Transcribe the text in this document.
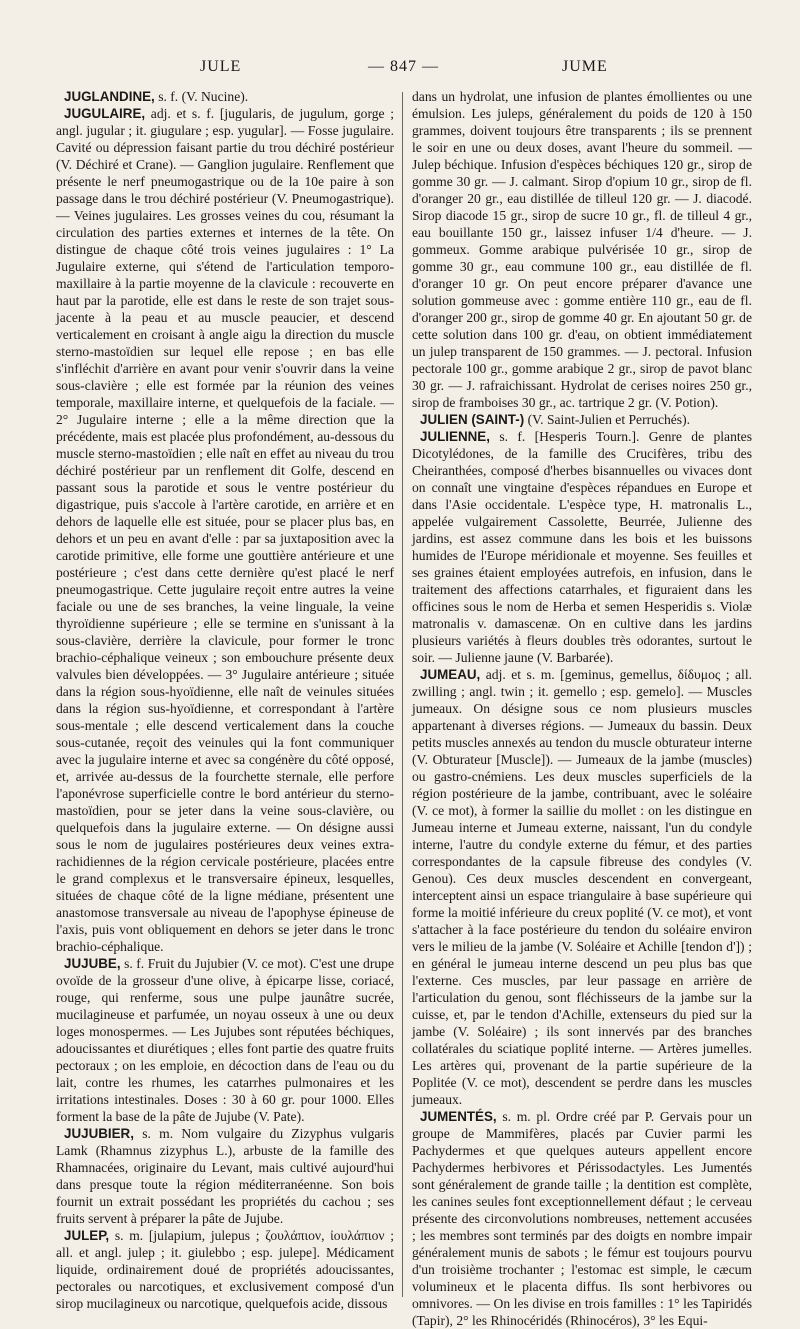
JULE	— 847 —	JUME

JUGLANDINE, s. f. (V. Nucine).

JUGULAIRE, adj. et s. f. [jugularis, de jugulum, gorge ; angl. jugular ; it. giugulare ; esp. yugular]. — Fosse jugulaire. Cavité ou dépression faisant partie du trou déchiré postérieur (V. Déchiré et Crane). — Ganglion jugulaire. Renflement que présente le nerf pneumogastrique ou de la 10e paire à son passage dans le trou déchiré postérieur (V. Pneumogastrique). — Veines jugulaires. Les grosses veines du cou, résumant la circulation des parties externes et internes de la tête. On distingue de chaque côté trois veines jugulaires : 1° La Jugulaire externe, qui s'étend de l'articulation temporo-maxillaire à la partie moyenne de la clavicule : recouverte en haut par la parotide, elle est dans le reste de son trajet sous-jacente à la peau et au muscle peaucier, et descend verticalement en croisant à angle aigu la direction du muscle sterno-mastoïdien sur lequel elle repose ; en bas elle s'infléchit d'arrière en avant pour venir s'ouvrir dans la veine sous-clavière ; elle est formée par la réunion des veines temporale, maxillaire interne, et quelquefois de la faciale. — 2° Jugulaire interne ; elle a la même direction que la précédente, mais est placée plus profondément, au-dessous du muscle sterno-mastoïdien ; elle naît en effet au niveau du trou déchiré postérieur par un renflement dit Golfe, descend en passant sous la parotide et sous le ventre postérieur du digastrique, puis s'accole à l'artère carotide, en arrière et en dehors de laquelle elle est située, pour se placer plus bas, en dehors et un peu en avant d'elle : par sa juxtaposition avec la carotide primitive, elle forme une gouttière antérieure et une postérieure ; c'est dans cette dernière qu'est placé le nerf pneumogastrique. Cette jugulaire reçoit entre autres la veine faciale ou une de ses branches, la veine linguale, la veine thyroïdienne supérieure ; elle se termine en s'unissant à la sous-clavière, derrière la clavicule, pour former le tronc brachio-céphalique veineux ; son embouchure présente deux valvules bien développées. — 3° Jugulaire antérieure ; située dans la région sous-hyoïdienne, elle naît de veinules situées dans la région sus-hyoïdienne, et correspondant à l'artère sous-mentale ; elle descend verticalement dans la couche sous-cutanée, reçoit des veinules qui la font communiquer avec la jugulaire interne et avec sa congénère du côté opposé, et, arrivée au-dessus de la fourchette sternale, elle perfore l'aponévrose superficielle contre le bord antérieur du sterno-mastoïdien, pour se jeter dans la veine sous-clavière, ou quelquefois dans la jugulaire externe. — On désigne aussi sous le nom de jugulaires postérieures deux veines extra-rachidiennes de la région cervicale postérieure, placées entre le grand complexus et le transversaire épineux, lesquelles, situées de chaque côté de la ligne médiane, présentent une anastomose transversale au niveau de l'apophyse épineuse de l'axis, puis vont obliquement en dehors se jeter dans le tronc brachio-céphalique.

JUJUBE, s. f. Fruit du Jujubier (V. ce mot). C'est une drupe ovoïde de la grosseur d'une olive, à épicarpe lisse, coriacé, rouge, qui renferme, sous une pulpe jaunâtre sucrée, mucilagineuse et parfumée, un noyau osseux à une ou deux loges monospermes. — Les Jujubes sont réputées béchiques, adoucissantes et diurétiques ; elles font partie des quatre fruits pectoraux ; on les emploie, en décoction dans de l'eau ou du lait, contre les rhumes, les catarrhes pulmonaires et les irritations intestinales. Doses : 30 à 60 gr. pour 1000. Elles forment la base de la pâte de Jujube (V. Pate).

JUJUBIER, s. m. Nom vulgaire du Zizyphus vulgaris Lamk (Rhamnus zizyphus L.), arbuste de la famille des Rhamnacées, originaire du Levant, mais cultivé aujourd'hui dans presque toute la région méditerranéenne. Son bois fournit un extrait possédant les propriétés du cachou ; ses fruits servent à préparer la pâte de Jujube.

JULEP, s. m. [julapium, julepus ; ζουλάπιον, ἰουλάπιον ; all. et angl. julep ; it. giulebbo ; esp. julepe]. Médicament liquide, ordinairement doué de propriétés adoucissantes, pectorales ou narcotiques, et exclusivement composé d'un sirop mucilagineux ou narcotique, quelquefois acide, dissous

dans un hydrolat, une infusion de plantes émollientes ou une émulsion. Les juleps, généralement du poids de 120 à 150 grammes, doivent toujours être transparents ; ils se prennent le soir en une ou deux doses, avant l'heure du sommeil. — Julep béchique. Infusion d'espèces béchiques 120 gr., sirop de gomme 30 gr. — J. calmant. Sirop d'opium 10 gr., sirop de fl. d'oranger 20 gr., eau distillée de tilleul 120 gr. — J. diacodé. Sirop diacode 15 gr., sirop de sucre 10 gr., fl. de tilleul 4 gr., eau bouillante 150 gr., laissez infuser 1/4 d'heure. — J. gommeux. Gomme arabique pulvérisée 10 gr., sirop de gomme 30 gr., eau commune 100 gr., eau distillée de fl. d'oranger 10 gr. On peut encore préparer d'avance une solution gommeuse avec : gomme entière 110 gr., eau de fl. d'oranger 200 gr., sirop de gomme 40 gr. En ajoutant 50 gr. de cette solution dans 100 gr. d'eau, on obtient immédiatement un julep transparent de 150 grammes. — J. pectoral. Infusion pectorale 100 gr., gomme arabique 2 gr., sirop de pavot blanc 30 gr. — J. rafraichissant. Hydrolat de cerises noires 250 gr., sirop de framboises 30 gr., ac. tartrique 2 gr. (V. Potion).

JULIEN (SAINT-) (V. Saint-Julien et Perruchés).

JULIENNE, s. f. [Hesperis Tourn.]. Genre de plantes Dicotylédones, de la famille des Crucifères, tribu des Cheiranthées, composé d'herbes bisannuelles ou vivaces dont on connaît une vingtaine d'espèces répandues en Europe et dans l'Asie occidentale. L'espèce type, H. matronalis L., appelée vulgairement Cassolette, Beurrée, Julienne des jardins, est assez commune dans les bois et les buissons humides de l'Europe méridionale et moyenne. Ses feuilles et ses graines étaient employées autrefois, en infusion, dans le traitement des affections catarrhales, et figuraient dans les officines sous le nom de Herba et semen Hesperidis s. Violæ matronalis v. damascenæ. On en cultive dans les jardins plusieurs variétés à fleurs doubles très odorantes, surtout le soir. — Julienne jaune (V. Barbarée).

JUMEAU, adj. et s. m. [geminus, gemellus, δίδυμος ; all. zwilling ; angl. twin ; it. gemello ; esp. gemelo]. — Muscles jumeaux. On désigne sous ce nom plusieurs muscles appartenant à diverses régions. — Jumeaux du bassin. Deux petits muscles annexés au tendon du muscle obturateur interne (V. Obturateur [Muscle]). — Jumeaux de la jambe (muscles) ou gastro-cnémiens. Les deux muscles superficiels de la région postérieure de la jambe, contribuant, avec le soléaire (V. ce mot), à former la saillie du mollet : on les distingue en Jumeau interne et Jumeau externe, naissant, l'un du condyle interne, l'autre du condyle externe du fémur, et des parties correspondantes de la capsule fibreuse des condyles (V. Genou). Ces deux muscles descendent en convergeant, interceptent ainsi un espace triangulaire à base supérieure qui forme la moitié inférieure du creux poplité (V. ce mot), et vont s'attacher à la face postérieure du tendon du soléaire environ vers le milieu de la jambe (V. Soléaire et Achille [tendon d']) ; en général le jumeau interne descend un peu plus bas que l'externe. Ces muscles, par leur passage en arrière de l'articulation du genou, sont fléchisseurs de la jambe sur la cuisse, et, par le tendon d'Achille, extenseurs du pied sur la jambe (V. Soléaire) ; ils sont innervés par des branches collatérales du sciatique poplité interne. — Artères jumelles. Les artères qui, provenant de la partie supérieure de la Poplitée (V. ce mot), descendent se perdre dans les muscles jumeaux.

JUMENTÉS, s. m. pl. Ordre créé par P. Gervais pour un groupe de Mammifères, placés par Cuvier parmi les Pachydermes et que quelques auteurs appellent encore Pachydermes herbivores et Périssodactyles. Les Jumentés sont généralement de grande taille ; la dentition est complète, les canines seules font exceptionnellement défaut ; le cerveau présente des circonvolutions nombreuses, nettement accusées ; les membres sont terminés par des doigts en nombre impair généralement munis de sabots ; le fémur est toujours pourvu d'un troisième trochanter ; l'estomac est simple, le cæcum volumineux et le placenta diffus. Ils sont herbivores ou omnivores. — On les divise en trois familles : 1° les Tapiridés (Tapir), 2° les Rhinocéridés (Rhinocéros), 3° les Equi-
